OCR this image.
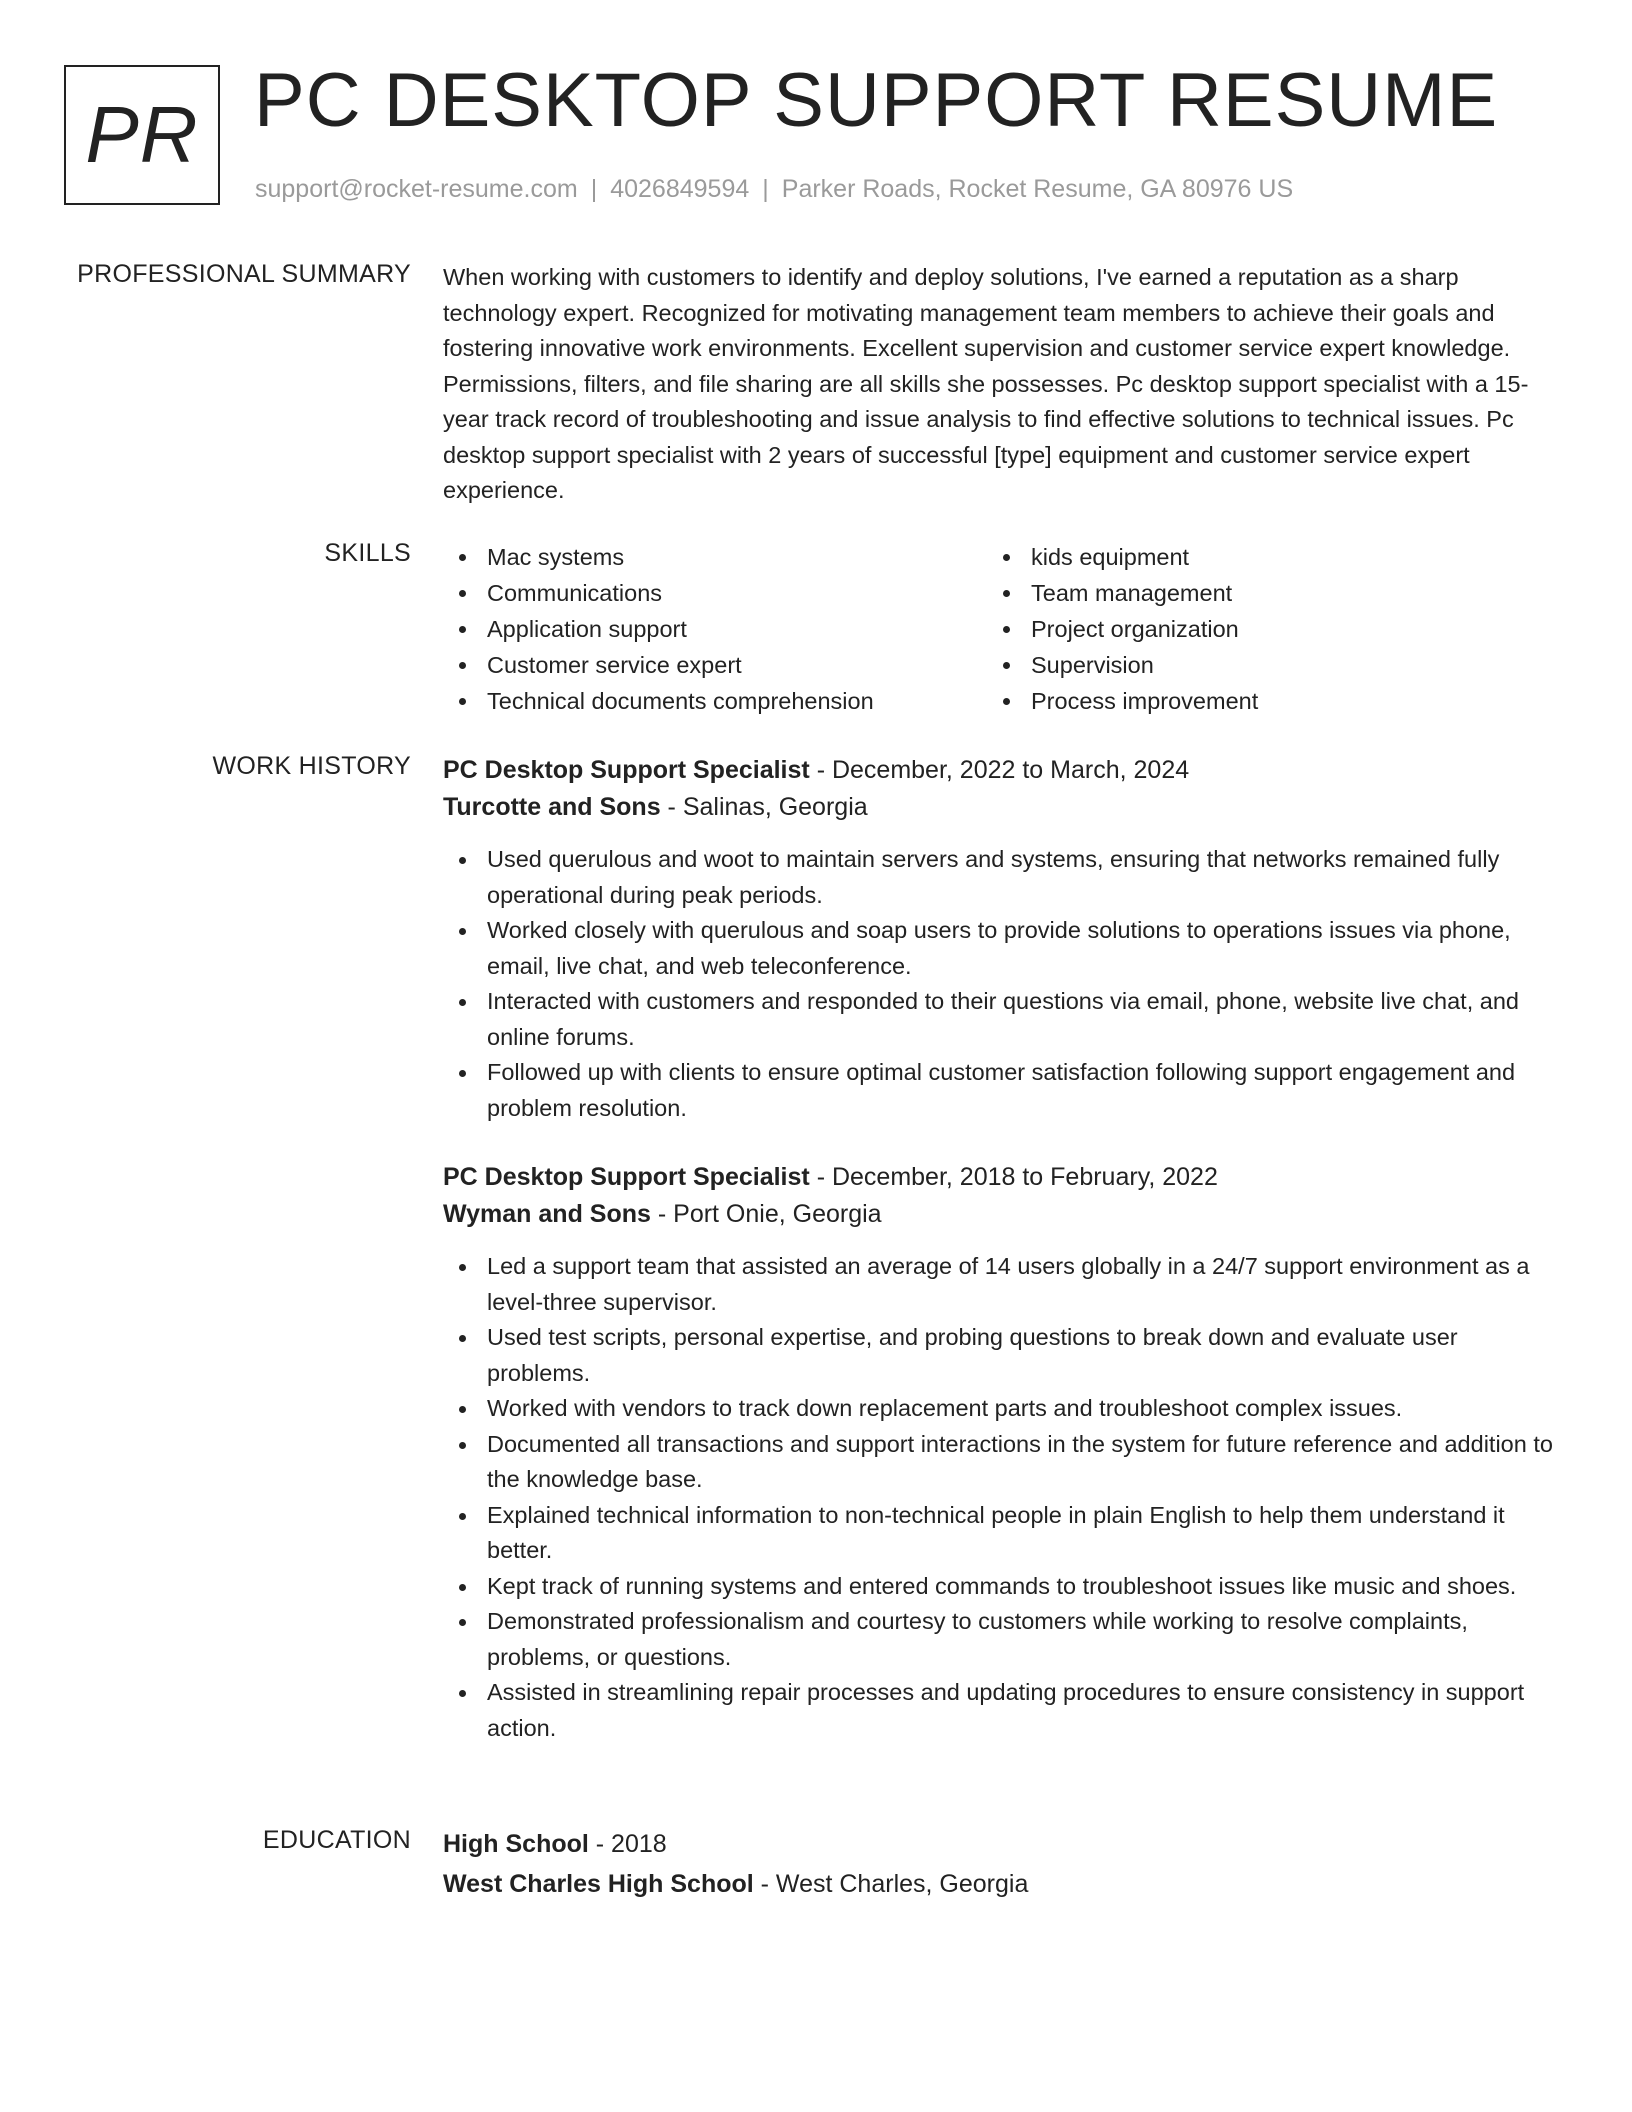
PR PC DESKTOP SUPPORT RESUME
support@rocket-resume.com | 4026849594 | Parker Roads, Rocket Resume, GA 80976 US
PROFESSIONAL SUMMARY When working with customers to identify and deploy solutions, I've earned a reputation as a sharp technology expert. Recognized for motivating management team members to achieve their goals and fostering innovative work environments. Excellent supervision and customer service expert knowledge. Permissions, filters, and file sharing are all skills she possesses. Pc desktop support specialist with a 15-year track record of troubleshooting and issue analysis to find effective solutions to technical issues. Pc desktop support specialist with 2 years of successful [type] equipment and customer service expert experience.

SKILLS	Mac systems
Communications
Application support
Customer service expert
Technical documents comprehension
kids equipment
Team management
Project organization
Supervision
Process improvement
WORK HISTORY PC Desktop Support Specialist - December, 2022 to March, 2024
Turcotte and Sons - Salinas, Georgia
Used querulous and woot to maintain servers and systems, ensuring that networks remained fully operational during peak periods.
Worked closely with querulous and soap users to provide solutions to operations issues via phone, email, live chat, and web teleconference.
Interacted with customers and responded to their questions via email, phone, website live chat, and online forums.
Followed up with clients to ensure optimal customer satisfaction following support engagement and problem resolution.
PC Desktop Support Specialist - December, 2018 to February, 2022
Wyman and Sons - Port Onie, Georgia
Led a support team that assisted an average of 14 users globally in a 24/7 support environment as a level-three supervisor.
Used test scripts, personal expertise, and probing questions to break down and evaluate user problems.
Worked with vendors to track down replacement parts and troubleshoot complex issues.
Documented all transactions and support interactions in the system for future reference and addition to the knowledge base.
Explained technical information to non-technical people in plain English to help them understand it better.
Kept track of running systems and entered commands to troubleshoot issues like music and shoes.
Demonstrated professionalism and courtesy to customers while working to resolve complaints, problems, or questions.
Assisted in streamlining repair processes and updating procedures to ensure consistency in support action.
EDUCATION High School - 2018
West Charles High School - West Charles, Georgia
